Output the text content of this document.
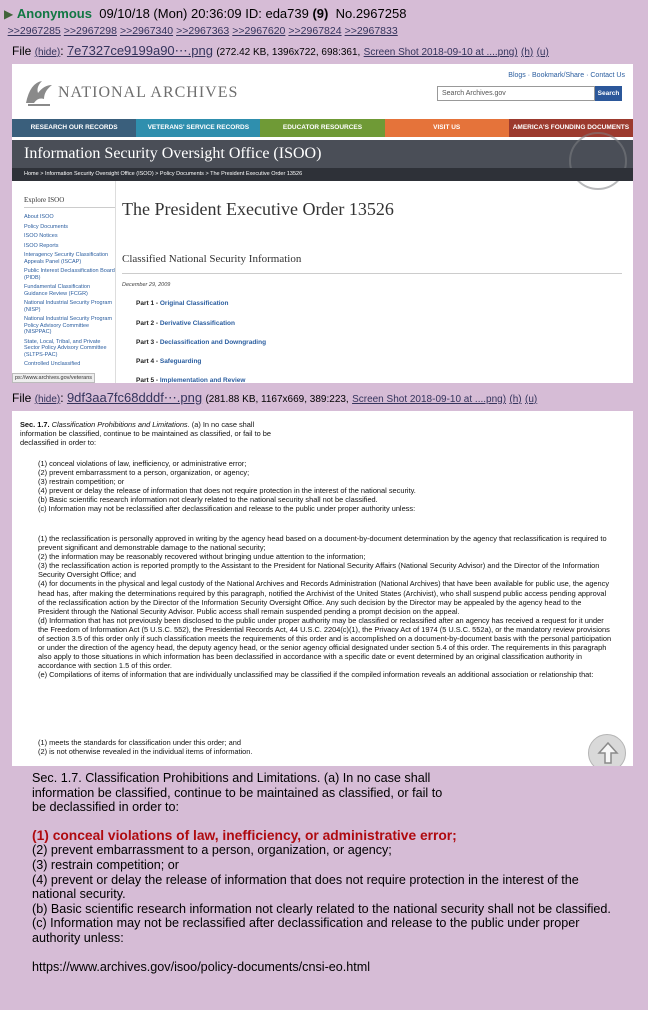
▶ Anonymous 09/10/18 (Mon) 20:36:09 ID: eda739 (9) No.2967258  >>2967285 >>2967298 >>2967340 >>2967363 >>2967620 >>2967824 >>2967833
File (hide): 7e7327ce9199a90⋯.png (272.42 KB, 1396x722, 698:361, Screen Shot 2018-09-10 at ....png) (h) (u)
Blogs · Bookmark/Share · Contact Us
NATIONAL ARCHIVES	Search Archives.gov	Search
RESEARCH OUR RECORDS	VETERANS' SERVICE RECORDS	EDUCATOR RESOURCES	VISIT US	AMERICA'S FOUNDING DOCUMENTS
Information Security Oversight Office (ISOO)
Home > Information Security Oversight Office (ISOO) > Policy Documents > The President Executive Order 13526
Explore ISOO
About ISOO
Policy Documents
ISOO Notices
ISOO Reports
Interagency Security Classification Appeals Panel (ISCAP)
Public Interest Declassification Board (PIDB)
Fundamental Classification Guidance Review (FCGR)
National Industrial Security Program (NISP)
National Industrial Security Program Policy Advisory Committee (NISPPAC)
State, Local, Tribal, and Private Sector Policy Advisory Committee (SLTPS-PAC)
Controlled Unclassified
ps://www.archives.gov/veterans
The President Executive Order 13526
Classified National Security Information
December 29, 2009
Part 1 - Original Classification
Part 2 - Derivative Classification
Part 3 - Declassification and Downgrading
Part 4 - Safeguarding
Part 5 - Implementation and Review
File (hide): 9df3aa7fc68dddf⋯.png (281.88 KB, 1167x669, 389:223, Screen Shot 2018-09-10 at ....png) (h) (u)
Sec. 1.7. Classification Prohibitions and Limitations. (a) In no case shall information be classified, continue to be maintained as classified, or fail to be declassified in order to:

(1) conceal violations of law, inefficiency, or administrative error;

(2) prevent embarrassment to a person, organization, or agency;

(3) restrain competition; or

(4) prevent or delay the release of information that does not require protection in the interest of the national security.

(b) Basic scientific research information not clearly related to the national security shall not be classified.

(c) Information may not be reclassified after declassification and release to the public under proper authority unless:

(1) the reclassification is personally approved in writing by the agency head based on a document-by-document determination by the agency that reclassification is required to prevent significant and demonstrable damage to the national security;

(2) the information may be reasonably recovered without bringing undue attention to the information;

(3) the reclassification action is reported promptly to the Assistant to the President for National Security Affairs (National Security Advisor) and the Director of the Information Security Oversight Office; and

(4) for documents in the physical and legal custody of the National Archives and Records Administration (National Archives) that have been available for public use, the agency head has, after making the determinations required by this paragraph, notified the Archivist of the United States (Archivist), who shall suspend public access pending approval of the reclassification action by the Director of the Information Security Oversight Office. Any such decision by the Director may be appealed by the agency head to the President through the National Security Advisor. Public access shall remain suspended pending a prompt decision on the appeal.

(d) Information that has not previously been disclosed to the public under proper authority may be classified or reclassified after an agency has received a request for it under the Freedom of Information Act (5 U.S.C. 552), the Presidential Records Act, 44 U.S.C. 2204(c)(1), the Privacy Act of 1974 (5 U.S.C. 552a), or the mandatory review provisions of section 3.5 of this order only if such classification meets the requirements of this order and is accomplished on a document-by-document basis with the personal participation or under the direction of the agency head, the deputy agency head, or the senior agency official designated under section 5.4 of this order. The requirements in this paragraph also apply to those situations in which information has been declassified in accordance with a specific date or event determined by an original classification authority in accordance with section 1.5 of this order.

(e) Compilations of items of information that are individually unclassified may be classified if the compiled information reveals an additional association or relationship that:

(1) meets the standards for classification under this order; and

(2) is not otherwise revealed in the individual items of information.

Sec. 1.7. Classification Prohibitions and Limitations. (a) In no case shall information be classified, continue to be maintained as classified, or fail to be declassified in order to:

(1) conceal violations of law, inefficiency, or administrative error;

(2) prevent embarrassment to a person, organization, or agency;

(3) restrain competition; or

(4) prevent or delay the release of information that does not require protection in the interest of the national security.

(b) Basic scientific research information not clearly related to the national security shall not be classified.

(c) Information may not be reclassified after declassification and release to the public under proper authority unless:

https://www.archives.gov/isoo/policy-documents/cnsi-eo.html
